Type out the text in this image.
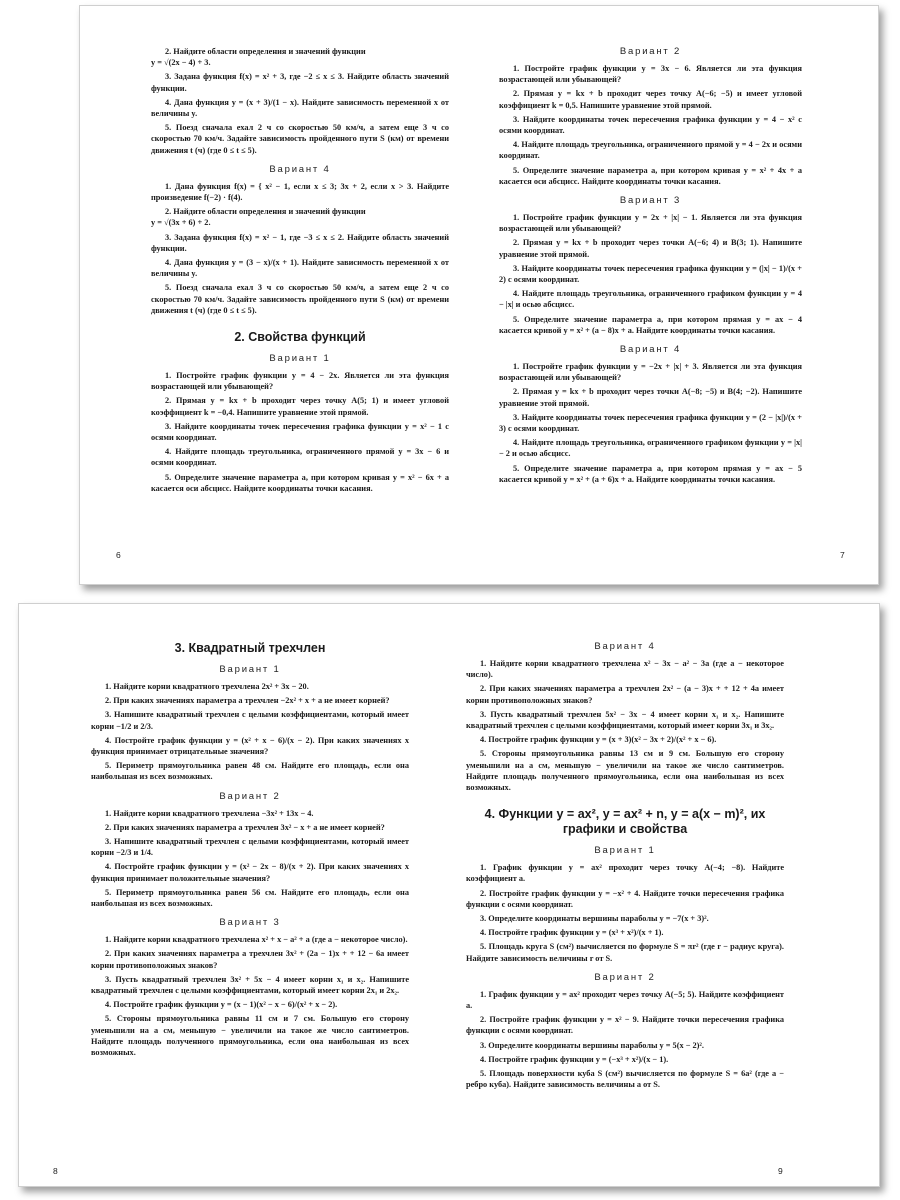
2. Найдите области определения и значений функции
y = √(2x − 4) + 3.
3. Задана функция f(x) = x² + 3, где −2 ≤ x ≤ 3. Найдите область значений функции.
4. Дана функция y = (x + 3)/(1 − x). Найдите зависимость переменной x от величины y.
5. Поезд сначала ехал 2 ч со скоростью 50 км/ч, а затем еще 3 ч со скоростью 70 км/ч. Задайте зависимость пройденного пути S (км) от времени движения t (ч) (где 0 ≤ t ≤ 5).
Вариант 4
1. Дана функция f(x) = { x² − 1, если x ≤ 3; 3x + 2, если x > 3. Найдите произведение f(−2) · f(4).
2. Найдите области определения и значений функции
y = √(3x + 6) + 2.
3. Задана функция f(x) = x² − 1, где −3 ≤ x ≤ 2. Найдите область значений функции.
4. Дана функция y = (3 − x)/(x + 1). Найдите зависимость переменной x от величины y.
5. Поезд сначала ехал 3 ч со скоростью 50 км/ч, а затем еще 2 ч со скоростью 70 км/ч. Задайте зависимость пройденного пути S (км) от времени движения t (ч) (где 0 ≤ t ≤ 5).
2. Свойства функций
Вариант 1
1. Постройте график функции y = 4 − 2x. Является ли эта функция возрастающей или убывающей?
2. Прямая y = kx + b проходит через точку A(5; 1) и имеет угловой коэффициент k = −0,4. Напишите уравнение этой прямой.
3. Найдите координаты точек пересечения графика функции y = x² − 1 с осями координат.
4. Найдите площадь треугольника, ограниченного прямой y = 3x − 6 и осями координат.
5. Определите значение параметра a, при котором кривая y = x² − 6x + a касается оси абсцисс. Найдите координаты точки касания.
Вариант 2
1. Постройте график функции y = 3x − 6. Является ли эта функция возрастающей или убывающей?
2. Прямая y = kx + b проходит через точку A(−6; −5) и имеет угловой коэффициент k = 0,5. Напишите уравнение этой прямой.
3. Найдите координаты точек пересечения графика функции y = 4 − x² с осями координат.
4. Найдите площадь треугольника, ограниченного прямой y = 4 − 2x и осями координат.
5. Определите значение параметра a, при котором кривая y = x² + 4x + a касается оси абсцисс. Найдите координаты точки касания.
Вариант 3
1. Постройте график функции y = 2x + |x| − 1. Является ли эта функция возрастающей или убывающей?
2. Прямая y = kx + b проходит через точки A(−6; 4) и B(3; 1). Напишите уравнение этой прямой.
3. Найдите координаты точек пересечения графика функции y = (|x| − 1)/(x + 2) с осями координат.
4. Найдите площадь треугольника, ограниченного графиком функции y = 4 − |x| и осью абсцисс.
5. Определите значение параметра a, при котором прямая y = ax − 4 касается кривой y = x² + (a − 8)x + a. Найдите координаты точки касания.
Вариант 4
1. Постройте график функции y = −2x + |x| + 3. Является ли эта функция возрастающей или убывающей?
2. Прямая y = kx + b проходит через точки A(−8; −5) и B(4; −2). Напишите уравнение этой прямой.
3. Найдите координаты точек пересечения графика функции y = (2 − |x|)/(x + 3) с осями координат.
4. Найдите площадь треугольника, ограниченного графиком функции y = |x| − 2 и осью абсцисс.
5. Определите значение параметра a, при котором прямая y = ax − 5 касается кривой y = x² + (a + 6)x + a. Найдите координаты точки касания.
6	7
3. Квадратный трехчлен
Вариант 1
1. Найдите корни квадратного трехчлена 2x² + 3x − 20.
2. При каких значениях параметра a трехчлен −2x² + x + a не имеет корней?
3. Напишите квадратный трехчлен с целыми коэффициентами, который имеет корни −1/2 и 2/3.
4. Постройте график функции y = (x² + x − 6)/(x − 2). При каких значениях x функция принимает отрицательные значения?
5. Периметр прямоугольника равен 48 см. Найдите его площадь, если она наибольшая из всех возможных.
Вариант 2
1. Найдите корни квадратного трехчлена −3x² + 13x − 4.
2. При каких значениях параметра a трехчлен 3x² − x + a не имеет корней?
3. Напишите квадратный трехчлен с целыми коэффициентами, который имеет корни −2/3 и 1/4.
4. Постройте график функции y = (x² − 2x − 8)/(x + 2). При каких значениях x функция принимает положительные значения?
5. Периметр прямоугольника равен 56 см. Найдите его площадь, если она наибольшая из всех возможных.
Вариант 3
1. Найдите корни квадратного трехчлена x² + x − a² + a (где a − некоторое число).
2. При каких значениях параметра a трехчлен 3x² + (2a − 1)x + + 12 − 6a имеет корни противоположных знаков?
3. Пусть квадратный трехчлен 3x² + 5x − 4 имеет корни x₁ и x₂. Напишите квадратный трехчлен с целыми коэффициентами, который имеет корни 2x₁ и 2x₂.
4. Постройте график функции y = (x − 1)(x² − x − 6)/(x² + x − 2).
5. Стороны прямоугольника равны 11 см и 7 см. Большую его сторону уменьшили на a см, меньшую − увеличили на такое же число сантиметров. Найдите площадь полученного прямоугольника, если она наибольшая из всех возможных.
Вариант 4
1. Найдите корни квадратного трехчлена x² − 3x − a² − 3a (где a − некоторое число).
2. При каких значениях параметра a трехчлен 2x² − (a − 3)x + + 12 + 4a имеет корни противоположных знаков?
3. Пусть квадратный трехчлен 5x² − 3x − 4 имеет корни x₁ и x₂. Напишите квадратный трехчлен с целыми коэффициентами, который имеет корни 3x₁ и 3x₂.
4. Постройте график функции y = (x + 3)(x² − 3x + 2)/(x² + x − 6).
5. Стороны прямоугольника равны 13 см и 9 см. Большую его сторону уменьшили на a см, меньшую − увеличили на такое же число сантиметров. Найдите площадь полученного прямоугольника, если она наибольшая из всех возможных.
4. Функции y = ax², y = ax² + n, y = a(x − m)², их графики и свойства
Вариант 1
1. График функции y = ax² проходит через точку A(−4; −8). Найдите коэффициент a.
2. Постройте график функции y = −x² + 4. Найдите точки пересечения графика функции с осями координат.
3. Определите координаты вершины параболы y = −7(x + 3)².
4. Постройте график функции y = (x³ + x²)/(x + 1).
5. Площадь круга S (см²) вычисляется по формуле S = πr² (где r − радиус круга). Найдите зависимость величины r от S.
Вариант 2
1. График функции y = ax² проходит через точку A(−5; 5). Найдите коэффициент a.
2. Постройте график функции y = x² − 9. Найдите точки пересечения графика функции с осями координат.
3. Определите координаты вершины параболы y = 5(x − 2)².
4. Постройте график функции y = (−x³ + x²)/(x − 1).
5. Площадь поверхности куба S (см²) вычисляется по формуле S = 6a² (где a − ребро куба). Найдите зависимость величины a от S.
8	9
